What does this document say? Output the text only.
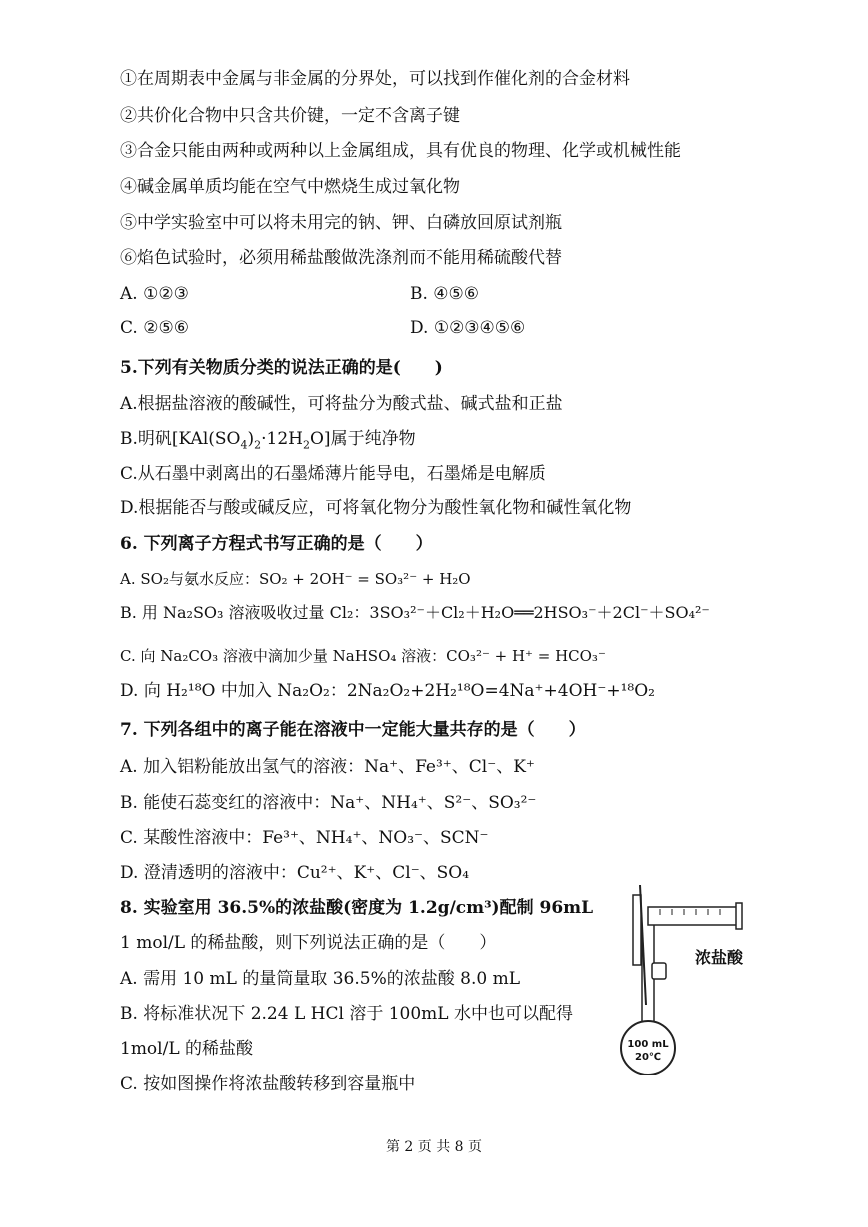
①在周期表中金属与非金属的分界处，可以找到作催化剂的合金材料
②共价化合物中只含共价键，一定不含离子键
③合金只能由两种或两种以上金属组成，具有优良的物理、化学或机械性能
④碱金属单质均能在空气中燃烧生成过氧化物
⑤中学实验室中可以将未用完的钠、钾、白磷放回原试剂瓶
⑥焰色试验时，必须用稀盐酸做洗涤剂而不能用稀硫酸代替
A. ①②③	B. ④⑤⑥
C. ②⑤⑥	D. ①②③④⑤⑥
5.下列有关物质分类的说法正确的是(　　)
A.根据盐溶液的酸碱性，可将盐分为酸式盐、碱式盐和正盐
B.明矾$[KAl(SO_4)_2\cdot 12H_2O]$属于纯净物
C.从石墨中剥离出的石墨烯薄片能导电，石墨烯是电解质
D.根据能否与酸或碱反应，可将氧化物分为酸性氧化物和碱性氧化物
6. 下列离子方程式书写正确的是（　　）
A. SO₂与氨水反应：SO₂ + 2OH⁻ = SO₃²⁻ + H₂O
B. 用 Na₂SO₃ 溶液吸收过量 Cl₂：3SO₃²⁻＋Cl₂＋H₂O══2HSO₃⁻＋2Cl⁻＋SO₄²⁻
C. 向 Na₂CO₃ 溶液中滴加少量 NaHSO₄ 溶液：CO₃²⁻ + H⁺ = HCO₃⁻
D. 向 H₂¹⁸O 中加入 Na₂O₂：2Na₂O₂+2H₂¹⁸O=4Na⁺+4OH⁻+¹⁸O₂
7. 下列各组中的离子能在溶液中一定能大量共存的是（　　）
A. 加入铝粉能放出氢气的溶液：Na⁺、Fe³⁺、Cl⁻、K⁺
B. 能使石蕊变红的溶液中：Na⁺、NH₄⁺、S²⁻、SO₃²⁻
C. 某酸性溶液中：Fe³⁺、NH₄⁺、NO₃⁻、SCN⁻
D. 澄清透明的溶液中：Cu²⁺、K⁺、Cl⁻、SO₄
8. 实验室用 36.5%的浓盐酸(密度为 1.2g/cm³)配制 96mL
1 mol/L 的稀盐酸，则下列说法正确的是（　　）
A. 需用 10 mL 的量筒量取 36.5%的浓盐酸 8.0 mL
B. 将标准状况下 2.24 L HCl 溶于 100mL 水中也可以配得
1mol/L 的稀盐酸
C. 按如图操作将浓盐酸转移到容量瓶中
100 mL
20℃
浓盐酸
第 2 页 共 8 页
